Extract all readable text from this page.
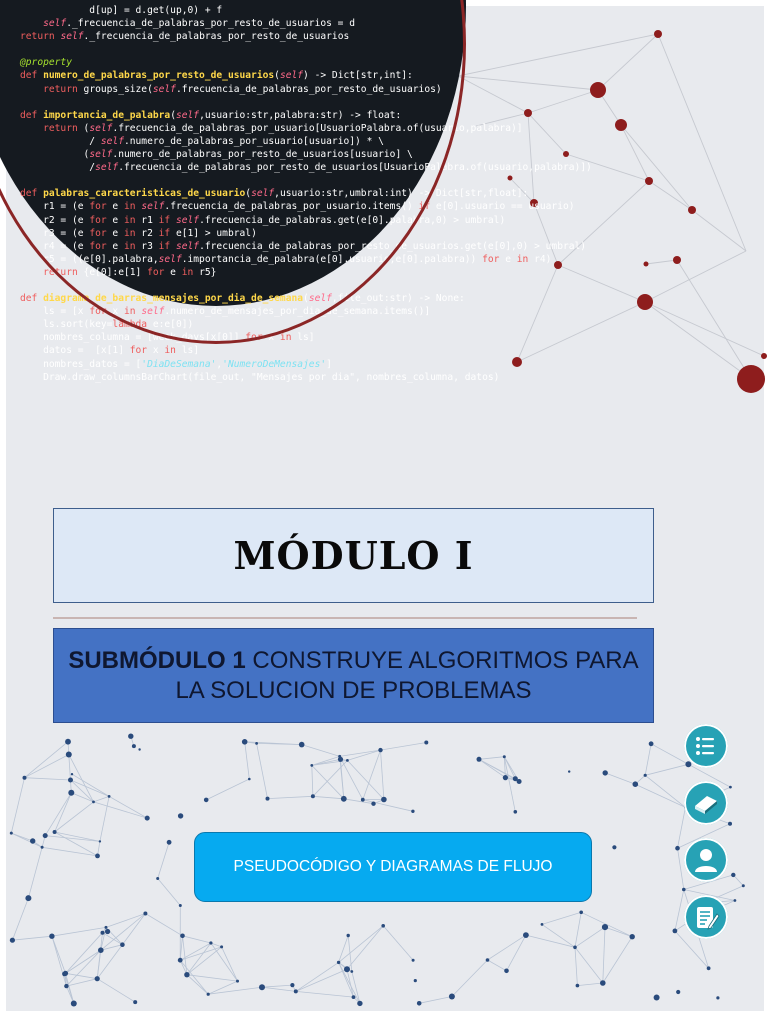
d[up] = d.get(up,0) + f
self._frecuencia_de_palabras_por_resto_de_usuarios = d
return self._frecuencia_de_palabras_por_resto_de_usuarios

@property
def numero_de_palabras_por_resto_de_usuarios(self) -> Dict[str,int]:
return groups_size(self.frecuencia_de_palabras_por_resto_de_usuarios)

def importancia_de_palabra(self,usuario:str,palabra:str) -> float:
return (self.frecuencia_de_palabras_por_usuario[UsuarioPalabra.of(usuario,palabra)]
/ self.numero_de_palabras_por_usuario[usuario]) * \
(self.numero_de_palabras_por_resto_de_usuarios[usuario] \
/self.frecuencia_de_palabras_por_resto_de_usuarios[UsuarioPalabra.of(usuario,palabra)])

def palabras_caracteristicas_de_usuario(self,usuario:str,umbral:int) -> Dict[str,float]:
r1 = (e for e in self.frecuencia_de_palabras_por_usuario.items() if e[0].usuario == usuario)
r2 = (e for e in r1 if self.frecuencia_de_palabras.get(e[0].palabra,0) > umbral)
r3 = (e for e in r2 if e[1] > umbral)
r4 = (e for e in r3 if self.frecuencia_de_palabras_por_resto_de_usuarios.get(e[0],0) > umbral)
r5 = ((e[0].palabra,self.importancia_de_palabra(e[0].usuario,e[0].palabra)) for e in r4)
return {e[0]:e[1] for e in r5}

def diagrama_de_barras_mensajes_por_dia_de_semana(self,file_out:str) -> None:
ls = [x for x in self.numero_de_mensajes_por_dia_de_semana.items()]
ls.sort(key=lambda e:e[0])
nombres_columna = [week_days[x[0]] for x in ls]
datos =  [x[1] for x in ls]
nombres_datos = ['DiaDeSemana','NumeroDeMensajes']
Draw.draw_columnsBarChart(file_out, "Mensajes por dia", nombres_columna, datos)
MÓDULO I
SUBMÓDULO 1 CONSTRUYE ALGORITMOS PARA LA SOLUCION DE PROBLEMAS
PSEUDOCÓDIGO Y DIAGRAMAS DE FLUJO
